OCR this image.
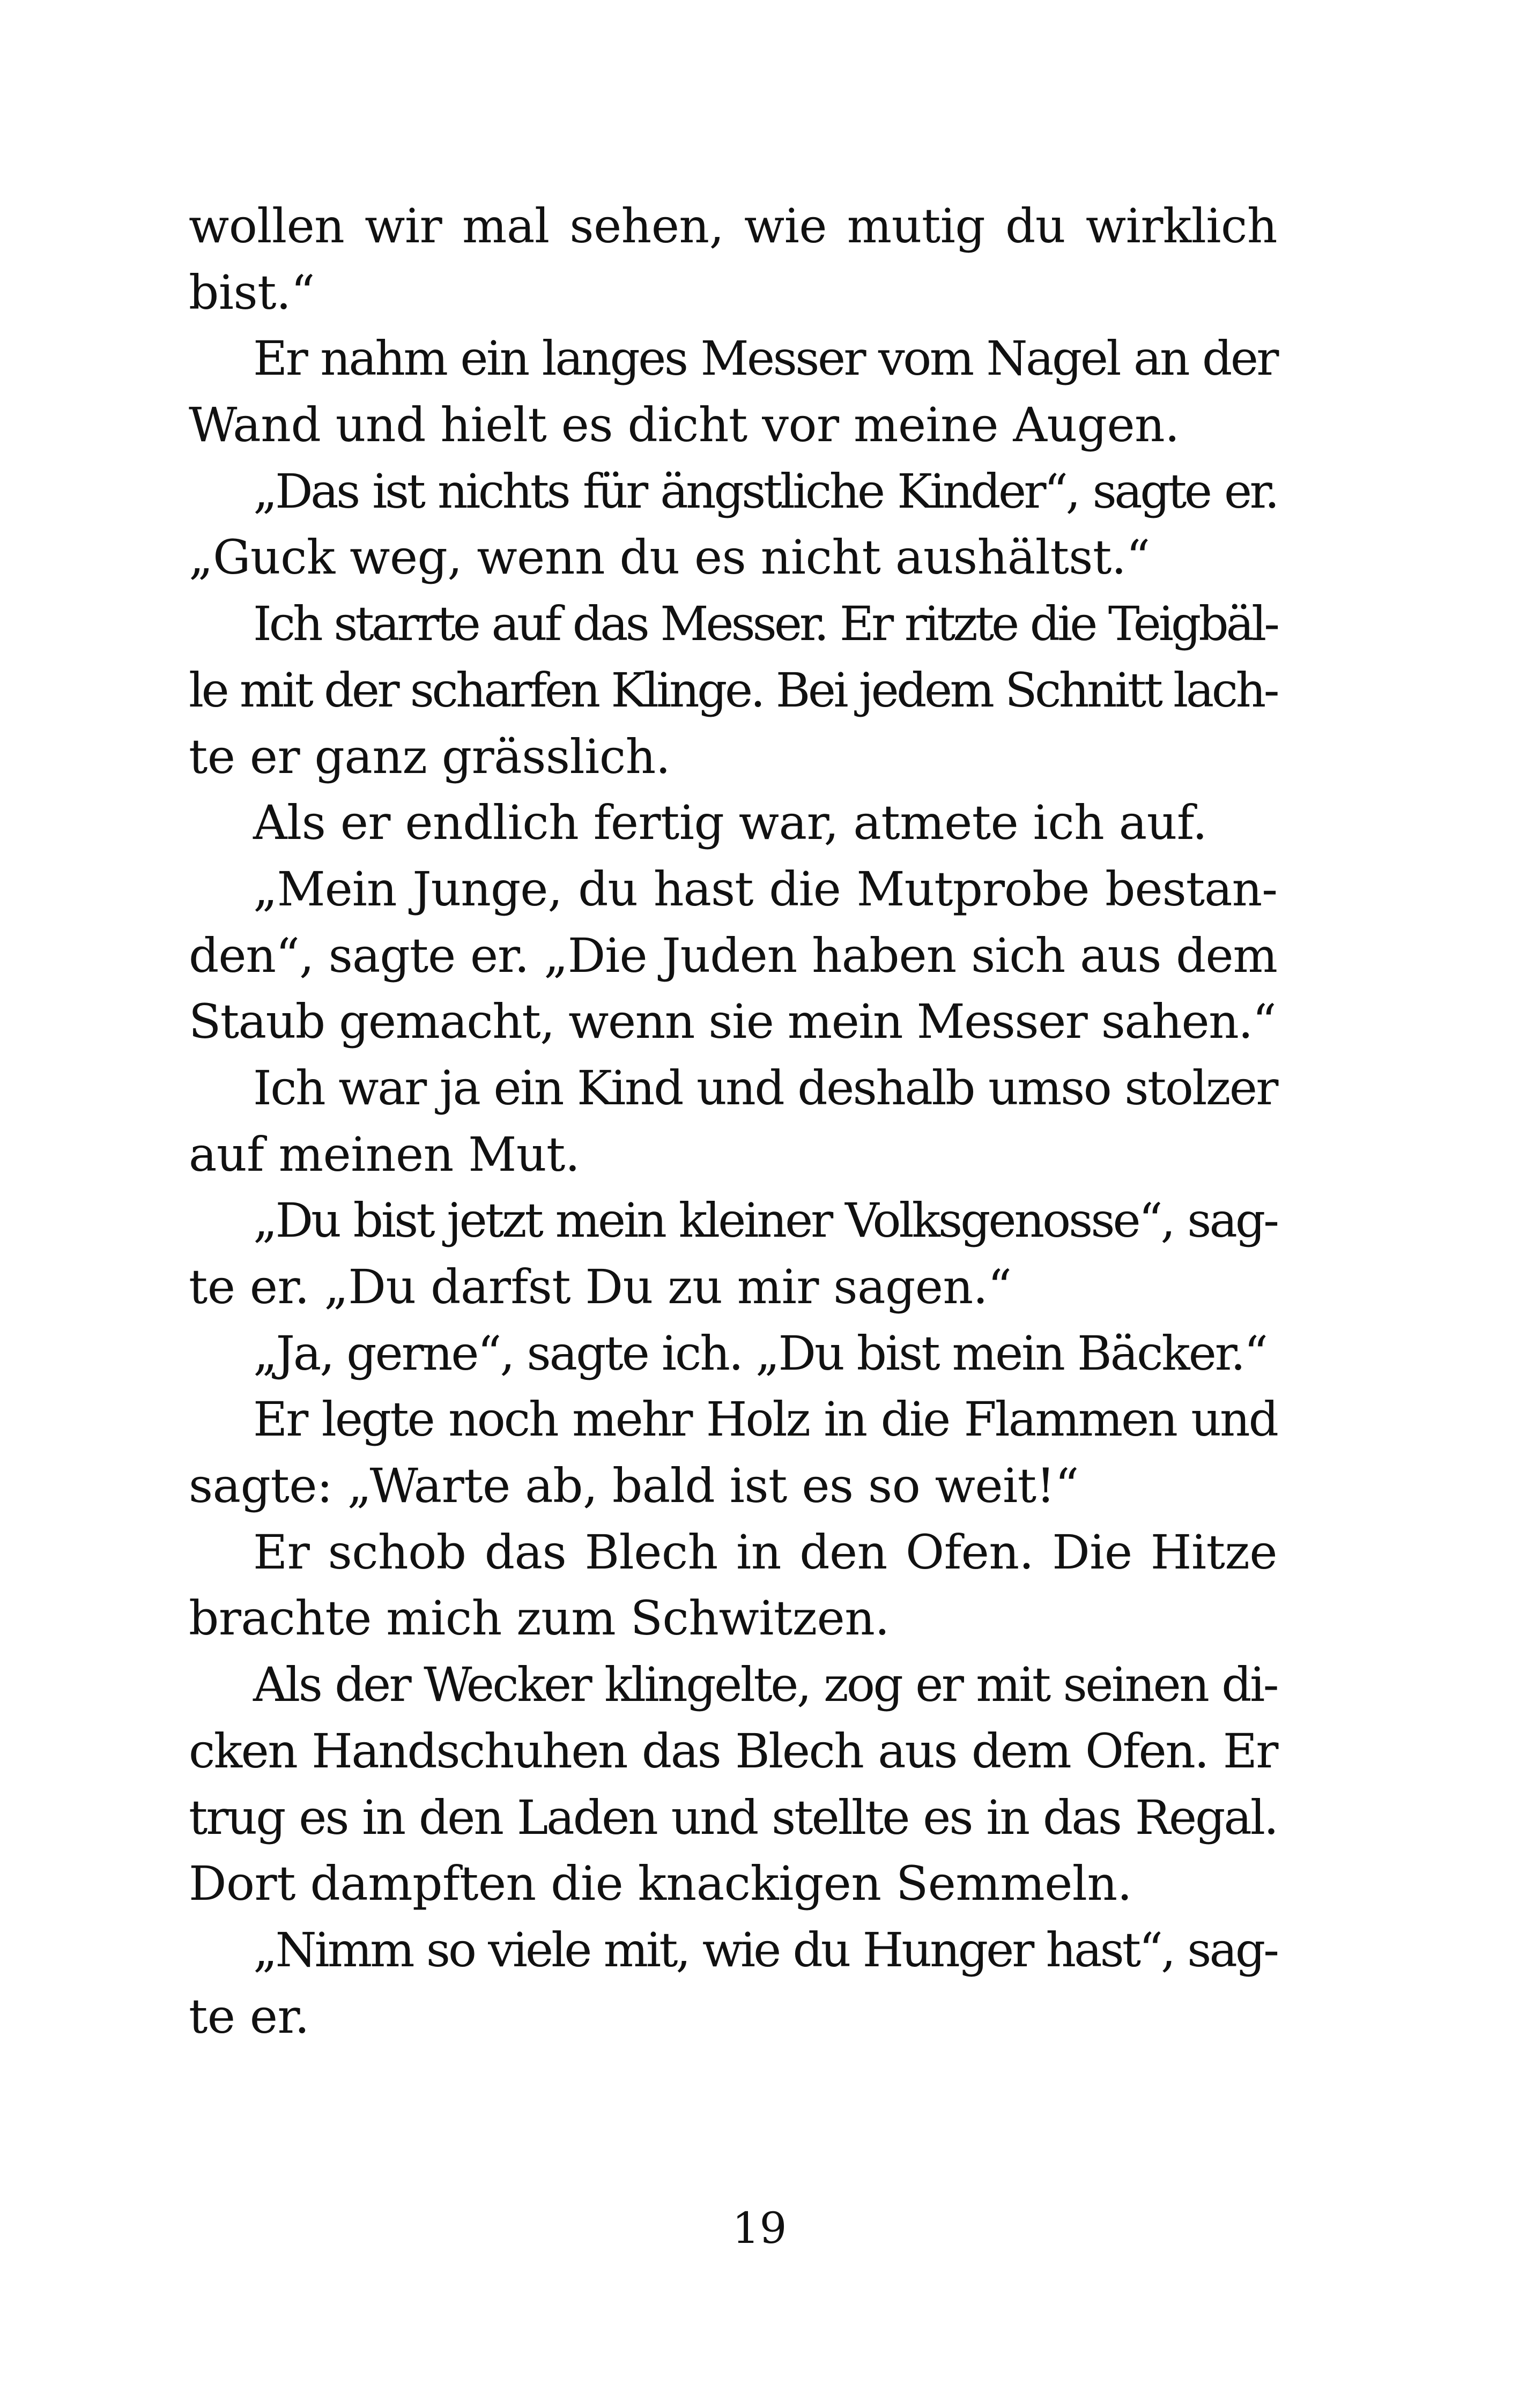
wollen wir mal sehen, wie mutig du wirklich
bist.“
Er nahm ein langes Messer vom Nagel an der
Wand und hielt es dicht vor meine Augen.
„Das ist nichts für ängstliche Kinder“, sagte er.
„Guck weg, wenn du es nicht aushältst.“
Ich starrte auf das Messer. Er ritzte die Teigbäl-
le mit der scharfen Klinge. Bei jedem Schnitt lach-
te er ganz grässlich.
Als er endlich fertig war, atmete ich auf.
„Mein Junge, du hast die Mutprobe bestan-
den“, sagte er. „Die Juden haben sich aus dem
Staub gemacht, wenn sie mein Messer sahen.“
Ich war ja ein Kind und deshalb umso stolzer
auf meinen Mut.
„Du bist jetzt mein kleiner Volksgenosse“, sag-
te er. „Du darfst Du zu mir sagen.“
„Ja, gerne“, sagte ich. „Du bist mein Bäcker.“
Er legte noch mehr Holz in die Flammen und
sagte: „Warte ab, bald ist es so weit!“
Er schob das Blech in den Ofen. Die Hitze
brachte mich zum Schwitzen.
Als der Wecker klingelte, zog er mit seinen di-
cken Handschuhen das Blech aus dem Ofen. Er
trug es in den Laden und stellte es in das Regal.
Dort dampften die knackigen Semmeln.
„Nimm so viele mit, wie du Hunger hast“, sag-
te er.
19
